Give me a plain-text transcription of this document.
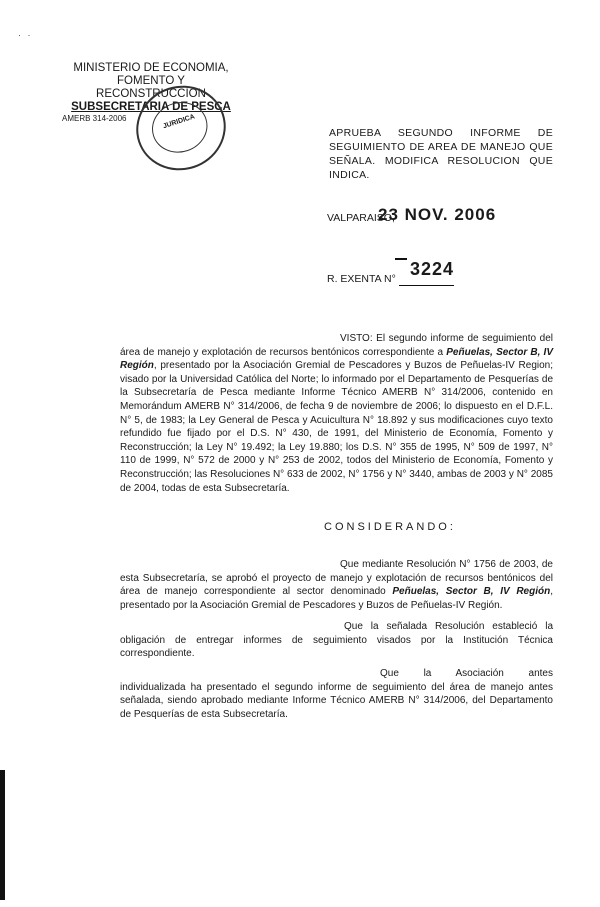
· ·
MINISTERIO DE ECONOMIA,
FOMENTO Y RECONSTRUCCION
SUBSECRETARIA DE PESCA
AMERB 314-2006	JURIDICA
APRUEBA SEGUNDO INFORME DE SEGUIMIENTO DE AREA DE MANEJO QUE SEÑALA. MODIFICA RESOLUCION QUE INDICA.
VALPARAISO,
23 NOV. 2006
3224
R. EXENTA N°
VISTO: El segundo informe de seguimiento del área de manejo y explotación de recursos bentónicos correspondiente a Peñuelas, Sector B, IV Región, presentado por la Asociación Gremial de Pescadores y Buzos de Peñuelas-IV Region; visado por la Universidad Católica del Norte; lo informado por el Departamento de Pesquerías de la Subsecretaría de Pesca mediante Informe Técnico AMERB N° 314/2006, contenido en Memorándum AMERB N° 314/2006, de fecha 9 de noviembre de 2006; lo dispuesto en el D.F.L. N° 5, de 1983; la Ley General de Pesca y Acuicultura N° 18.892 y sus modificaciones cuyo texto refundido fue fijado por el D.S. N° 430, de 1991, del Ministerio de Economía, Fomento y Reconstrucción; la Ley N° 19.492; la Ley 19.880; los D.S. N° 355 de 1995, N° 509 de 1997, N° 110 de 1999, N° 572 de 2000 y N° 253 de 2002, todos del Ministerio de Economía, Fomento y Reconstrucción; las Resoluciones N° 633 de 2002, N° 1756 y N° 3440, ambas de 2003 y N° 2085 de 2004, todas de esta Subsecretaría.
CONSIDERANDO:
Que mediante Resolución N° 1756 de 2003, de esta Subsecretaría, se aprobó el proyecto de manejo y explotación de recursos bentónicos del área de manejo correspondiente al sector denominado Peñuelas, Sector B, IV Región, presentado por la Asociación Gremial de Pescadores y Buzos de Peñuelas-IV Región.
Que la señalada Resolución estableció la obligación de entregar informes de seguimiento visados por la Institución Técnica correspondiente.
Que la Asociación antes individualizada ha presentado el segundo informe de seguimiento del área de manejo antes señalada, siendo aprobado mediante Informe Técnico AMERB N° 314/2006, del Departamento de Pesquerías de esta Subsecretaría.
